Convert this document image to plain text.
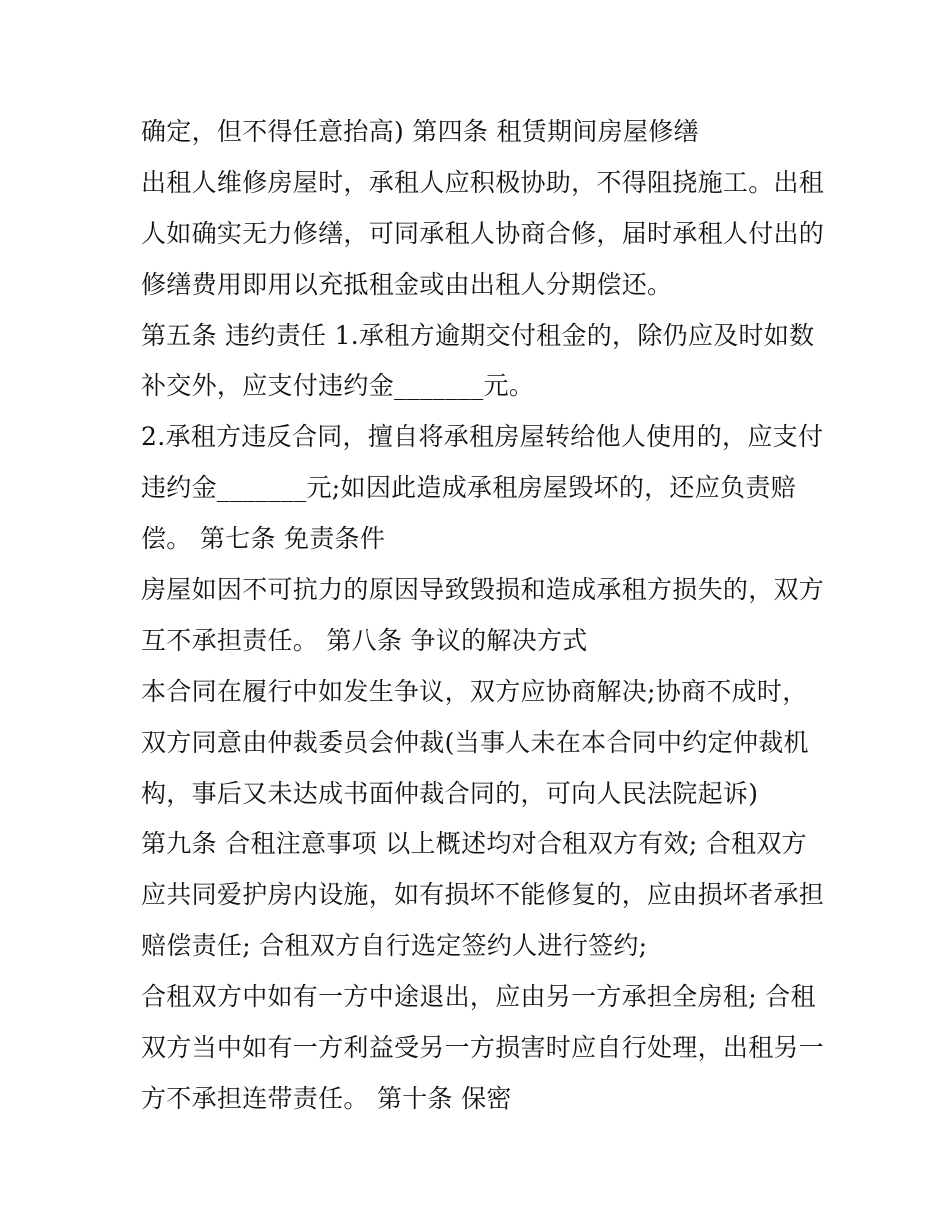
确定，但不得任意抬高) 第四条 租赁期间房屋修缮
出租人维修房屋时，承租人应积极协助，不得阻挠施工。出租
人如确实无力修缮，可同承租人协商合修，届时承租人付出的
修缮费用即用以充抵租金或由出租人分期偿还。
第五条 违约责任 1.承租方逾期交付租金的，除仍应及时如数
补交外，应支付违约金_______元。
2.承租方违反合同，擅自将承租房屋转给他人使用的，应支付
违约金_______元;如因此造成承租房屋毁坏的，还应负责赔
偿。 第七条 免责条件
房屋如因不可抗力的原因导致毁损和造成承租方损失的，双方
互不承担责任。 第八条 争议的解决方式
本合同在履行中如发生争议，双方应协商解决;协商不成时，
双方同意由仲裁委员会仲裁(当事人未在本合同中约定仲裁机
构，事后又未达成书面仲裁合同的，可向人民法院起诉)
第九条 合租注意事项 以上概述均对合租双方有效; 合租双方
应共同爱护房内设施，如有损坏不能修复的，应由损坏者承担
赔偿责任; 合租双方自行选定签约人进行签约;
合租双方中如有一方中途退出，应由另一方承担全房租; 合租
双方当中如有一方利益受另一方损害时应自行处理，出租另一
方不承担连带责任。 第十条 保密
